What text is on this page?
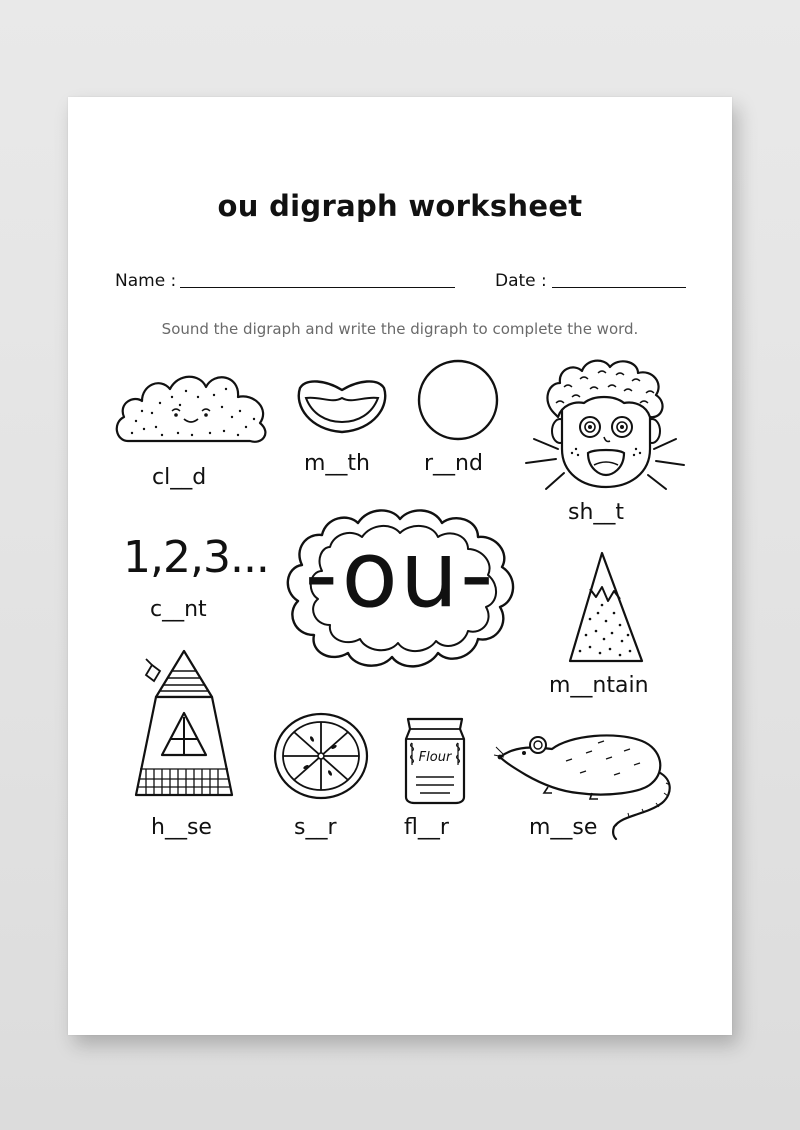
ou digraph worksheet
Name :	Date :
Sound the digraph and write the digraph to complete the word.
cl__d
m__th r__nd
sh__t
1,2,3...
c__nt -ou-
m__ntain
h__se	s__r
Flour
fl__r	m__se
